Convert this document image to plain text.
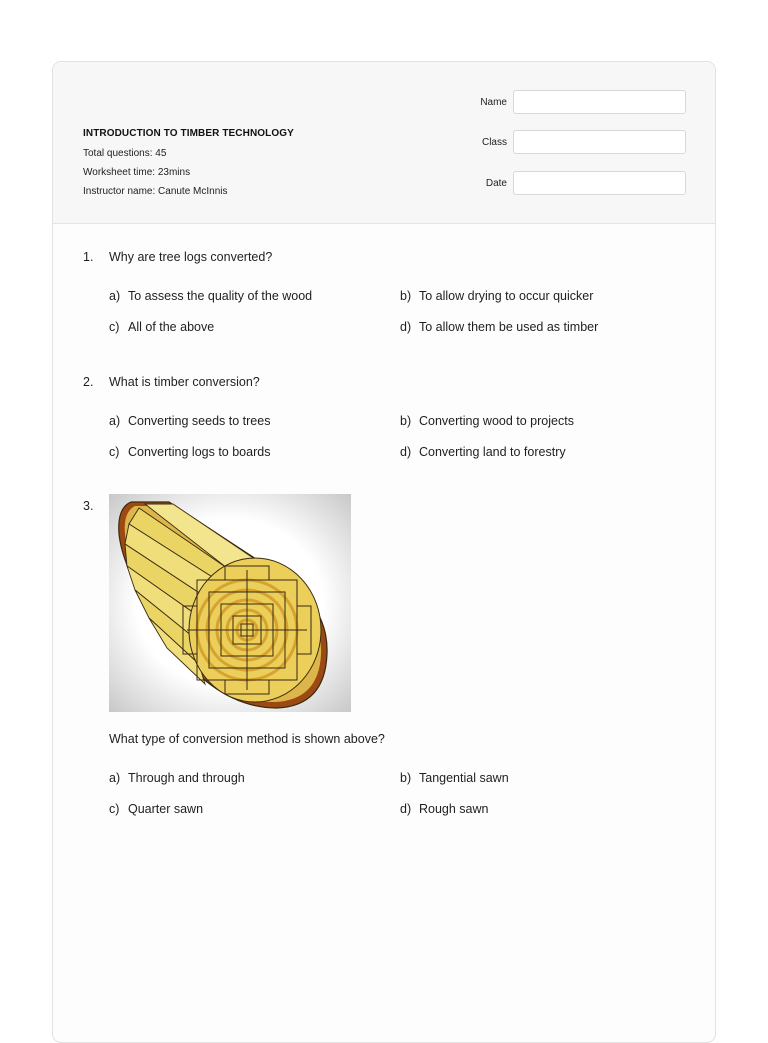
INTRODUCTION TO TIMBER TECHNOLOGY
Total questions: 45
Worksheet time: 23mins
Instructor name: Canute McInnis
Name
Class
Date
1. Why are tree logs converted?
a) To assess the quality of the wood	b) To allow drying to occur quicker
c) All of the above	d) To allow them be used as timber
2. What is timber conversion?
a) Converting seeds to trees	b) Converting wood to projects
c) Converting logs to boards	d) Converting land to forestry
3.
What type of conversion method is shown above?
a) Through and through	b) Tangential sawn
c) Quarter sawn	d) Rough sawn
